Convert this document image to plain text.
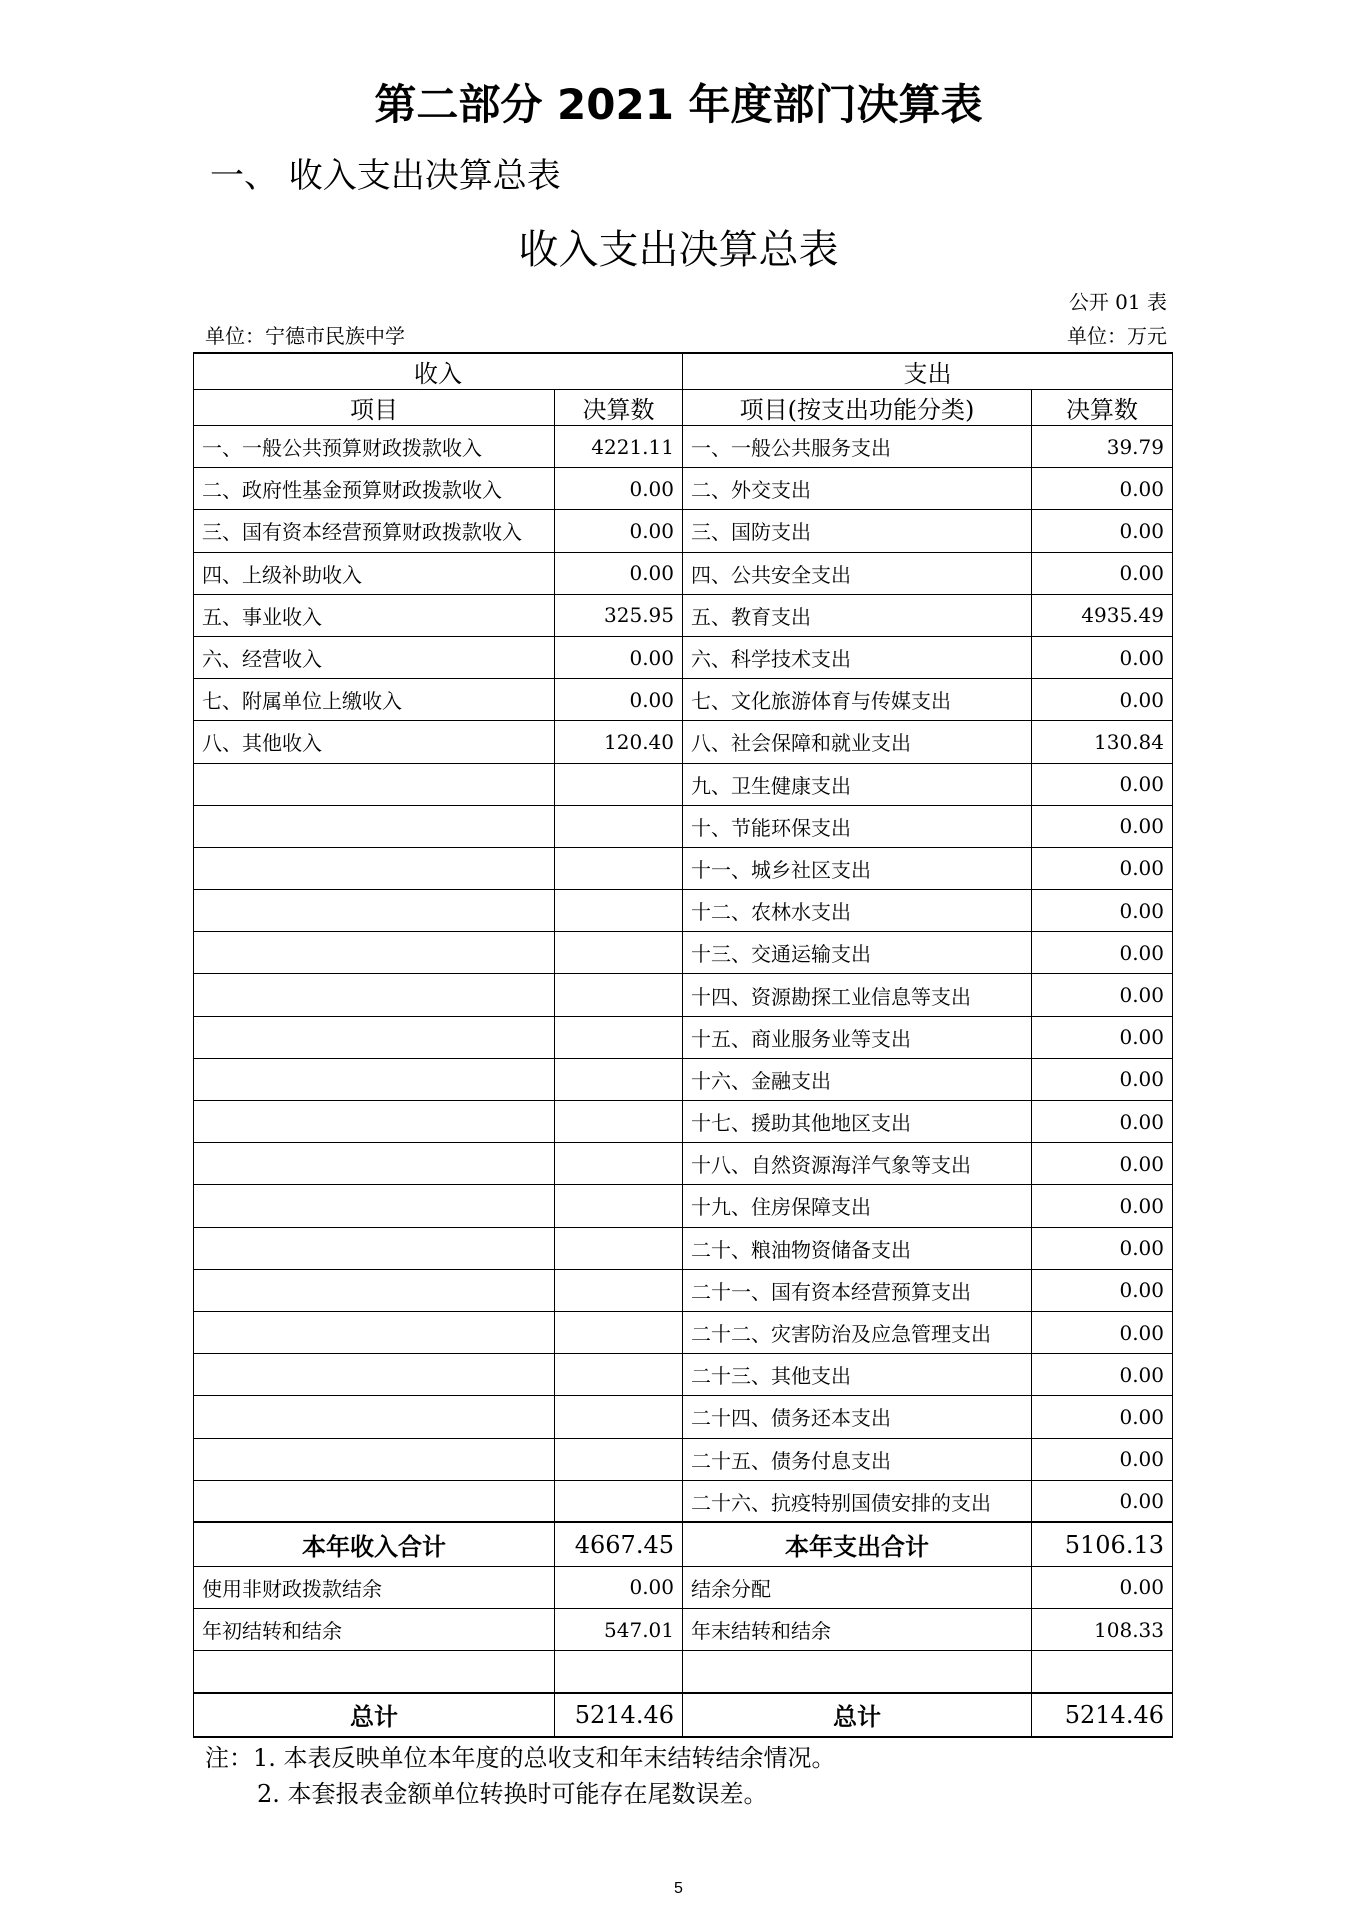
第二部分 2021 年度部门决算表
一、 收入支出决算总表
收入支出决算总表
公开 01 表
单位：宁德市民族中学	单位：万元
收入		支出	
项目	决算数	项目(按支出功能分类)	决算数
一、一般公共预算财政拨款收入	4221.11	一、一般公共服务支出	39.79
二、政府性基金预算财政拨款收入	0.00	二、外交支出	0.00
三、国有资本经营预算财政拨款收入	0.00	三、国防支出	0.00
四、上级补助收入	0.00	四、公共安全支出	0.00
五、事业收入	325.95	五、教育支出	4935.49
六、经营收入	0.00	六、科学技术支出	0.00
七、附属单位上缴收入	0.00	七、文化旅游体育与传媒支出	0.00
八、其他收入	120.40	八、社会保障和就业支出	130.84
		九、卫生健康支出	0.00
		十、节能环保支出	0.00
		十一、城乡社区支出	0.00
		十二、农林水支出	0.00
		十三、交通运输支出	0.00
		十四、资源勘探工业信息等支出	0.00
		十五、商业服务业等支出	0.00
		十六、金融支出	0.00
		十七、援助其他地区支出	0.00
		十八、自然资源海洋气象等支出	0.00
		十九、住房保障支出	0.00
		二十、粮油物资储备支出	0.00
		二十一、国有资本经营预算支出	0.00
		二十二、灾害防治及应急管理支出	0.00
		二十三、其他支出	0.00
		二十四、债务还本支出	0.00
		二十五、债务付息支出	0.00
		二十六、抗疫特别国债安排的支出	0.00
本年收入合计	4667.45	本年支出合计	5106.13
使用非财政拨款结余	0.00	结余分配	0.00
年初结转和结余	547.01	年末结转和结余	108.33

总计	5214.46	总计	5214.46
注：1. 本表反映单位本年度的总收支和年末结转结余情况。
2. 本套报表金额单位转换时可能存在尾数误差。
5
